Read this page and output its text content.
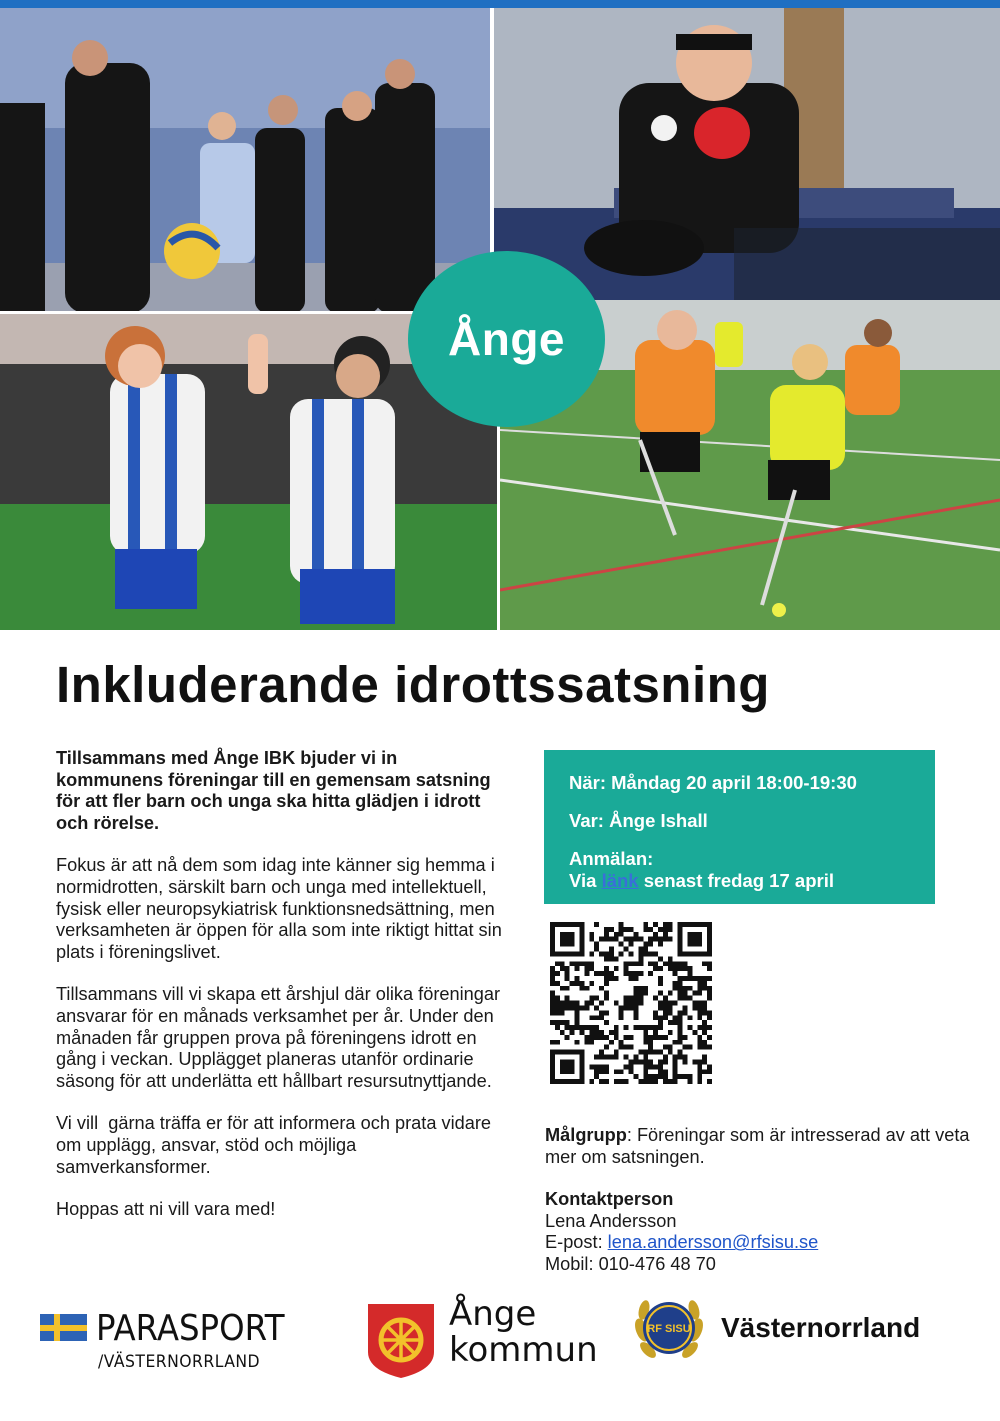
Ånge
Inkluderande idrottssatsning

Tillsammans med Ånge IBK bjuder vi in kommunens föreningar till en gemensam satsning för att fler barn och unga ska hitta glädjen i idrott och rörelse.

Fokus är att nå dem som idag inte känner sig hemma i normidrotten, särskilt barn och unga med intellektuell, fysisk eller neuropsykiatrisk funktionsnedsättning, men verksamheten är öppen för alla som inte riktigt hittat sin plats i föreningslivet.

Tillsammans vill vi skapa ett årshjul där olika föreningar ansvarar för en månads verksamhet per år. Under den månaden får gruppen prova på föreningens idrott en gång i veckan. Upplägget planeras utanför ordinarie säsong för att underlätta ett hållbart resursutnyttjande.

Vi vill  gärna träffa er för att informera och prata vidare om upplägg, ansvar, stöd och möjliga samverkansformer.

Hoppas att ni vill vara med!

När: Måndag 20 april 18:00-19:30
Var: Ånge Ishall
Anmälan:
Via länk senast fredag 17 april

Målgrupp: Föreningar som är intresserad av att veta mer om satsningen.

Kontaktperson

Lena Andersson

E-post: lena.andersson@rfsisu.se

Mobil: 010-476 48 70

PARASPORT
/VÄSTERNORRLAND
Ånge
kommun
RF SISU Västernorrland
